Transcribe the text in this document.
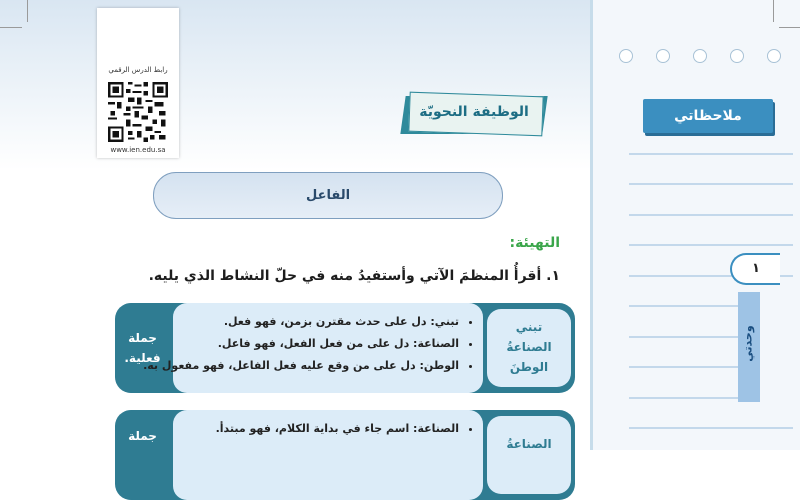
رابط الدرس الرقمي
www.ien.edu.sa
الوظيفة النحويّة
الفاعل
التهيئة:
١. أقرأُ المنظمَ الآتي وأستفيدُ منه في حلّ النشاط الذي يليه.
جملة
فعلية.
• تبني: دل على حدث مقترن بزمن، فهو فعل.
• الصناعة: دل على من فعل الفعل، فهو فاعل.
• الوطن: دل على من وقع عليه فعل الفاعل، فهو مفعول به.
تبني
الصناعةُ
الوطنَ
جملة
• الصناعة: اسم جاء في بداية الكلام، فهو مبتدأ.
الصناعةُ
ملاحظاتي
١
وحدتي
